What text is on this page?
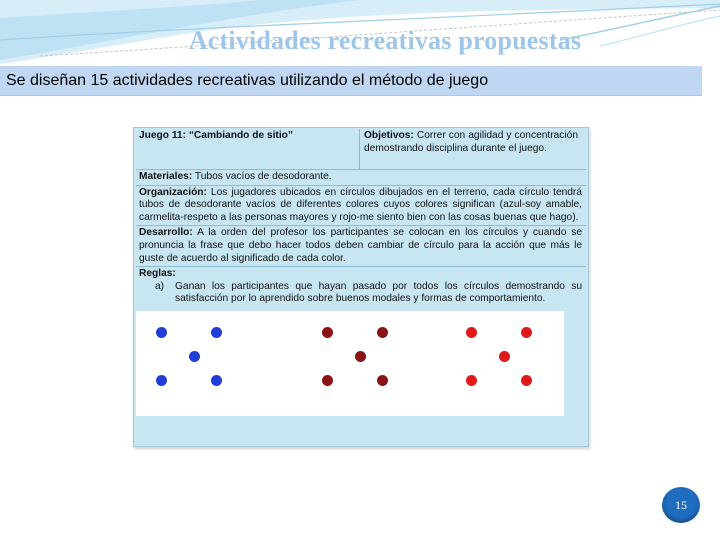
Actividades recreativas propuestas
Se diseñan 15 actividades recreativas utilizando el método de juego
Juego 11: “Cambiando de sitio”	Objetivos: Correr con agilidad y concentración demostrando disciplina durante el juego.
Materiales: Tubos vacíos de desodorante.
Organización: Los jugadores ubicados en círculos dibujados en el terreno, cada círculo tendrá tubos de desodorante vacíos de diferentes colores cuyos colores significan (azul-soy amable, carmelita-respeto a las personas mayores y rojo-me siento bien con las cosas buenas que hago).
Desarrollo: A la orden del profesor los participantes se colocan en los círculos y cuando se pronuncia la frase que debo hacer todos deben cambiar de círculo para la acción que más le guste de acuerdo al significado de cada color.
Reglas:
a)	Ganan los participantes que hayan pasado por todos los círculos demostrando su satisfacción por lo aprendido sobre buenos modales y formas de comportamiento.
15
